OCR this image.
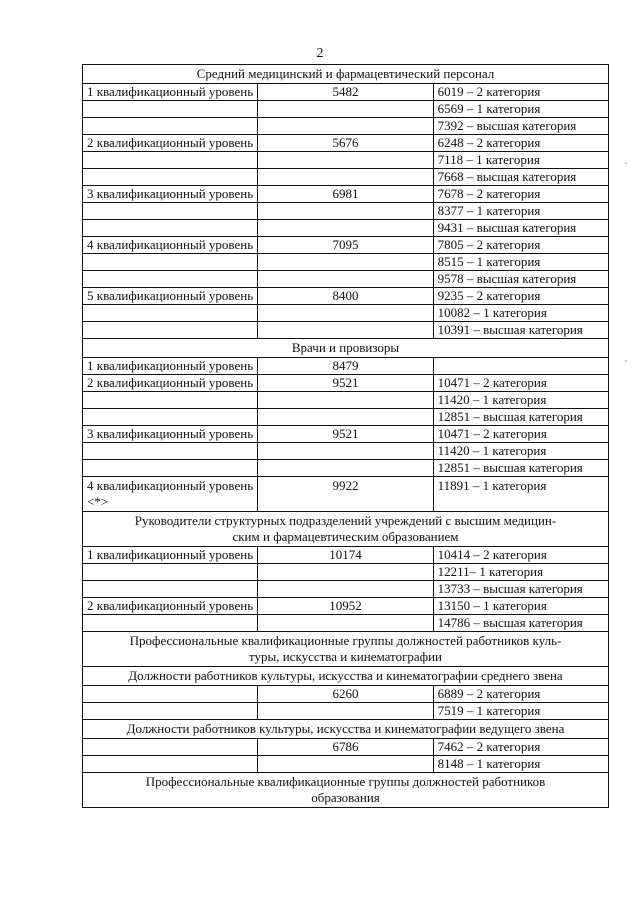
2
Средний медицинский и фармацевтический персонал		
1 квалификационный уровень	5482	6019 – 2 категория
		6569 – 1 категория
		7392 – высшая категория
2 квалификационный уровень	5676	6248 – 2 категория
		7118 – 1 категория
		7668 – высшая категория
3 квалификационный уровень	6981	7678 – 2 категория
		8377 – 1 категория
		9431 – высшая категория
4 квалификационный уровень	7095	7805 – 2 категория
		8515 – 1 категория
		9578 – высшая категория
5 квалификационный уровень	8400	9235 – 2 категория
		10082 – 1 категория
		10391 – высшая категория
Врачи и провизоры		
1 квалификационный уровень	8479	
2 квалификационный уровень	9521	10471 – 2 категория
		11420 – 1 категория
		12851 – высшая категория
3 квалификационный уровень	9521	10471 – 2 категория
		11420 – 1 категория
		12851 – высшая категория

4 квалификационный уровень
<*>	9922	11891 – 1 категория

Руководители структурных подразделений учреждений с высшим медицин-
ским и фармацевтическим образованием		

1 квалификационный уровень	10174	10414 – 2 категория
		12211– 1 категория
		13733 – высшая категория
2 квалификационный уровень	10952	13150 – 1 категория
		14786 – высшая категория

Профессиональные квалификационные группы должностей работников куль-
туры, искусства и кинематографии		

Должности работников культуры, искусства и кинематографии среднего звена		
	6260	6889 – 2 категория
		7519 – 1 категория
Должности работников культуры, искусства и кинематографии ведущего звена		
	6786	7462 – 2 категория
		8148 – 1 категория

Профессиональные квалификационные группы должностей работников
образования		
-
-
